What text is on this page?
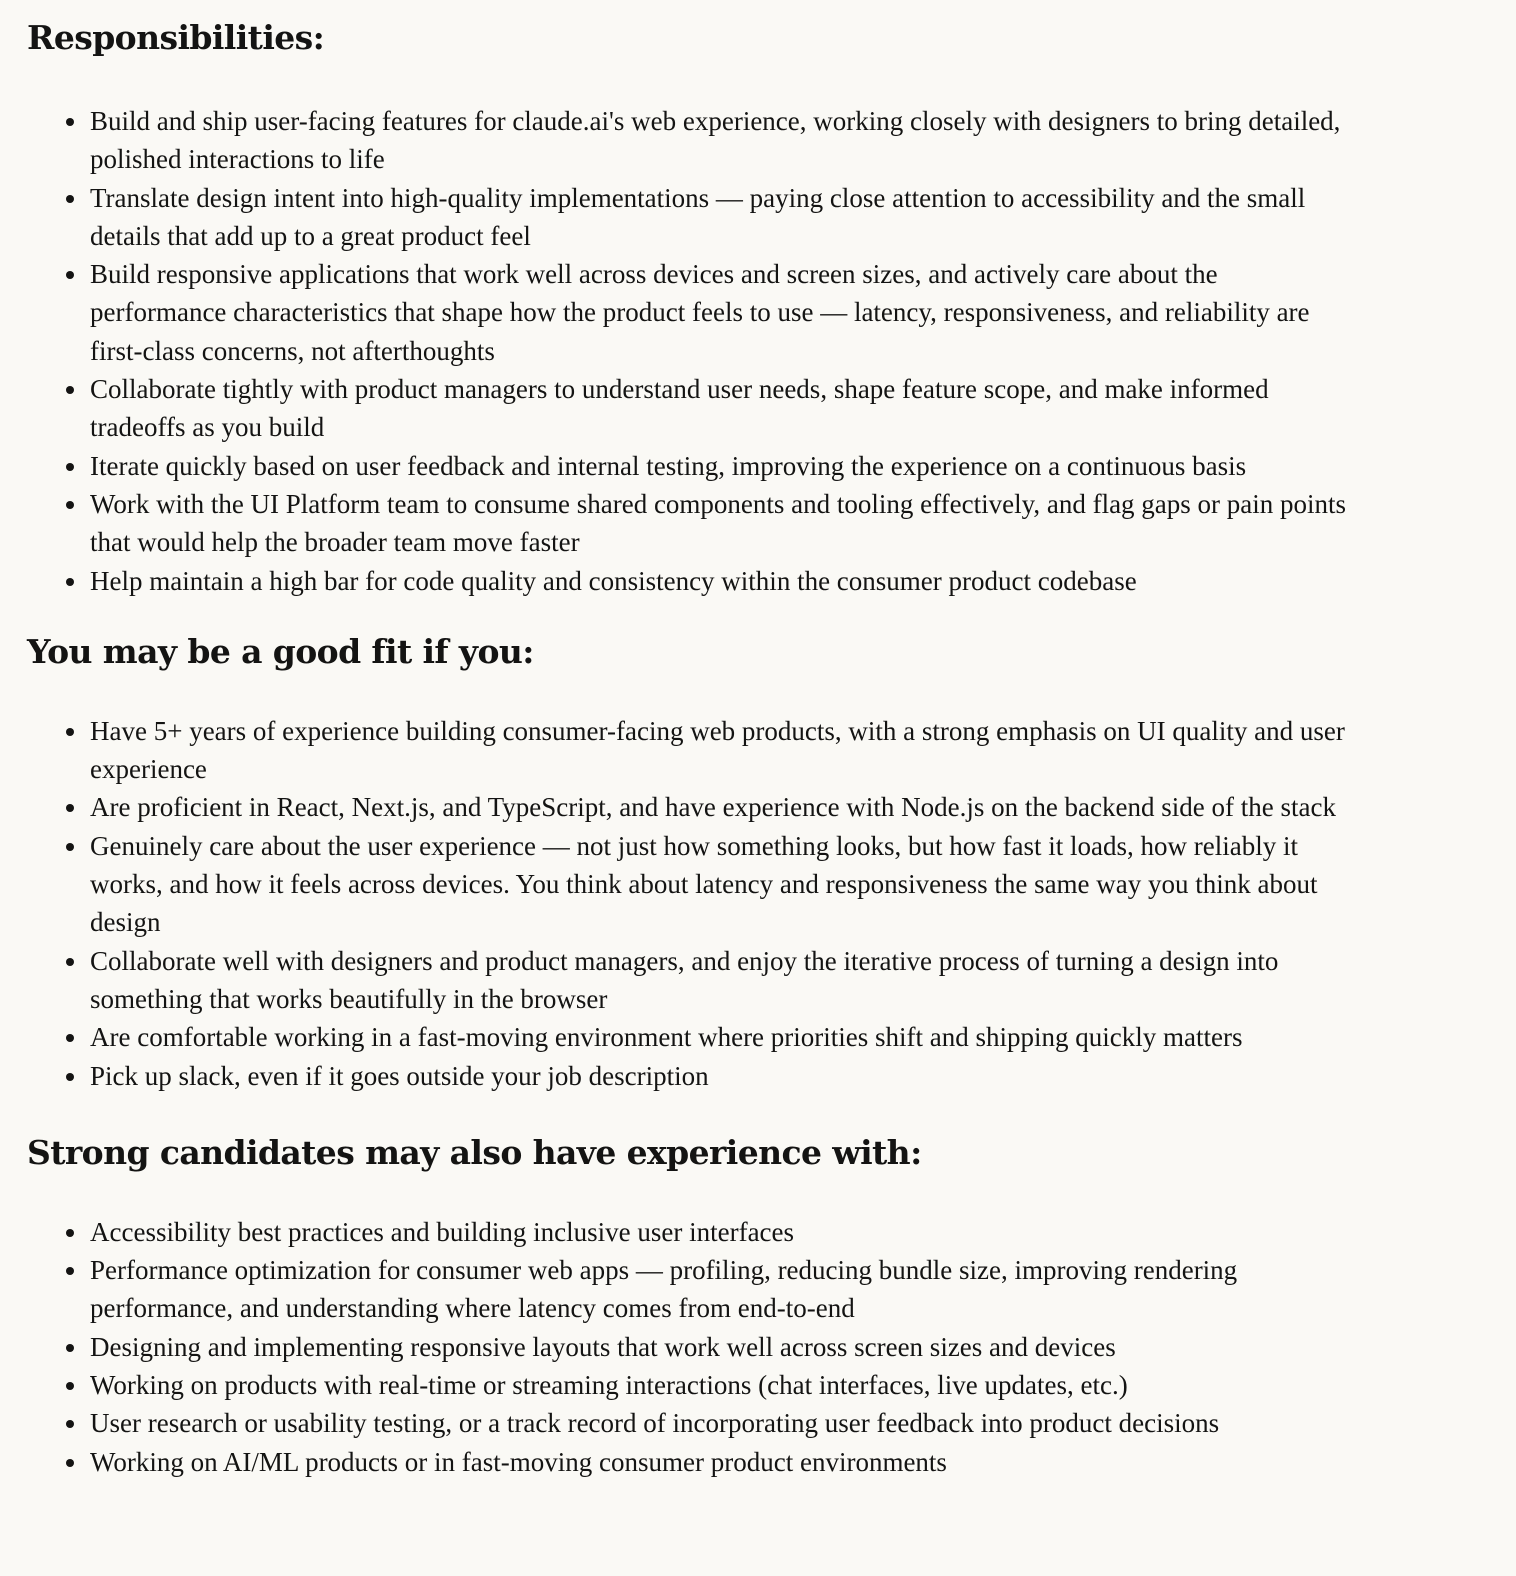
Responsibilities:
Build and ship user-facing features for claude.ai's web experience, working closely with designers to bring detailed, polished interactions to life
Translate design intent into high-quality implementations — paying close attention to accessibility and the small details that add up to a great product feel
Build responsive applications that work well across devices and screen sizes, and actively care about the performance characteristics that shape how the product feels to use — latency, responsiveness, and reliability are first-class concerns, not afterthoughts
Collaborate tightly with product managers to understand user needs, shape feature scope, and make informed tradeoffs as you build
Iterate quickly based on user feedback and internal testing, improving the experience on a continuous basis
Work with the UI Platform team to consume shared components and tooling effectively, and flag gaps or pain points that would help the broader team move faster
Help maintain a high bar for code quality and consistency within the consumer product codebase
You may be a good fit if you:
Have 5+ years of experience building consumer-facing web products, with a strong emphasis on UI quality and user experience
Are proficient in React, Next.js, and TypeScript, and have experience with Node.js on the backend side of the stack
Genuinely care about the user experience — not just how something looks, but how fast it loads, how reliably it works, and how it feels across devices. You think about latency and responsiveness the same way you think about design
Collaborate well with designers and product managers, and enjoy the iterative process of turning a design into something that works beautifully in the browser
Are comfortable working in a fast-moving environment where priorities shift and shipping quickly matters
Pick up slack, even if it goes outside your job description
Strong candidates may also have experience with:
Accessibility best practices and building inclusive user interfaces
Performance optimization for consumer web apps — profiling, reducing bundle size, improving rendering performance, and understanding where latency comes from end-to-end
Designing and implementing responsive layouts that work well across screen sizes and devices
Working on products with real-time or streaming interactions (chat interfaces, live updates, etc.)
User research or usability testing, or a track record of incorporating user feedback into product decisions
Working on AI/ML products or in fast-moving consumer product environments
